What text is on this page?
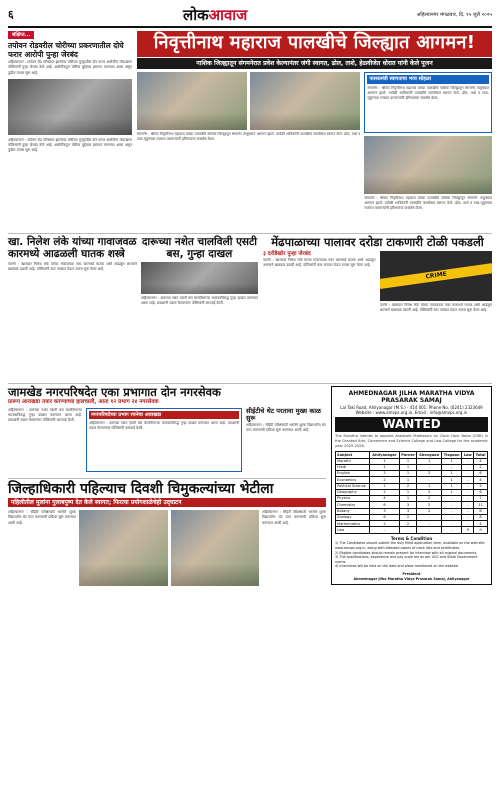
६	लोकआवाज	अहिल्यानगर मंगळवार, दि. १५ जुलै २०२५
संक्षिप्त...
तपोवन रोडवरील चोरीच्या प्रकरणातील दोघे फरार आरोपी पुन्हा जेरबंद
अहिल्यानगर : तपोवन रोड परिसरात झालेल्या चोरीच्या गुन्ह्यातील दोन फरार आरोपींना तोफखाना पोलिसांनी पुन्हा जेरबंद केले आहे. आरोपींकडून चोरीचा मुद्देमाल हस्तगत करण्यात आला असून पुढील तपास सुरू आहे.
अहिल्यानगर : तपोवन रोड परिसरात झालेल्या चोरीच्या गुन्ह्यातील दोन फरार आरोपींना तोफखाना पोलिसांनी पुन्हा जेरबंद केले आहे. आरोपींकडून चोरीचा मुद्देमाल हस्तगत करण्यात आला असून पुढील तपास सुरू आहे.
निवृत्तीनाथ महाराज पालखीचे जिल्ह्यात आगमन!
नाशिक जिल्ह्यातून संगमनेरात प्रवेश केल्यानंतर जंगी स्वागत, ढोल, ताशे, हेळ्वीजेत धोरात यांनी केले पूजन
संगमनेर : श्रीसंत निवृत्तीनाथ महाराज यांच्या पालखीचे नाशिक जिल्ह्यातून संगमनेर तालुक्यात आगमन झाले. यावेळी भाविकांनी पालखीचे जल्लोषात स्वागत केले. ढोल, ताशे व टाळ-मृदुंगाच्या गजरात वारकऱ्यांनी हरिनामाचा जयघोष केला.
पालकमंत्री स्वागताचा भव्य सोहळा
संगमनेर : श्रीसंत निवृत्तीनाथ महाराज यांच्या पालखीचे नाशिक जिल्ह्यातून संगमनेर तालुक्यात आगमन झाले. यावेळी भाविकांनी पालखीचे जल्लोषात स्वागत केले. ढोल, ताशे व टाळ-मृदुंगाच्या गजरात वारकऱ्यांनी हरिनामाचा जयघोष केला.
संगमनेर : श्रीसंत निवृत्तीनाथ महाराज यांच्या पालखीचे नाशिक जिल्ह्यातून संगमनेर तालुक्यात आगमन झाले. यावेळी भाविकांनी पालखीचे जल्लोषात स्वागत केले. ढोल, ताशे व टाळ-मृदुंगाच्या गजरात वारकऱ्यांनी हरिनामाचा जयघोष केला.
खा. निलेश लंके यांच्या गावाजवळ कारमध्ये आढळली घातक शस्त्रे
दारूच्या नशेत चालविली एसटी बस, गुन्हा दाखल
पारनेर : खासदार निलेश लंके यांच्या गावाजवळ एका कारमध्ये घातक शस्त्रे आढळून आल्याने खळबळ उडाली आहे. पोलिसांनी कार ताब्यात घेऊन तपास सुरू केला आहे.
अहिल्यानगर : दारूच्या नशेत एसटी बस चालविणाऱ्या चालकाविरुद्ध गुन्हा दाखल करण्यात आला आहे. प्रवाशांनी तक्रार केल्यानंतर पोलिसांनी कारवाई केली.
मेंढपाळाच्या पालावर दरोडा टाकणारी टोळी पकडली
३ दरोडेखोर पुन्हा जेरबंद
पारनेर : खासदार निलेश लंके यांच्या गावाजवळ एका कारमध्ये घातक शस्त्रे आढळून आल्याने खळबळ उडाली आहे. पोलिसांनी कार ताब्यात घेऊन तपास सुरू केला आहे.
CRIME
पारनेर : खासदार निलेश लंके यांच्या गावाजवळ एका कारमध्ये घातक शस्त्रे आढळून आल्याने खळबळ उडाली आहे. पोलिसांनी कार ताब्यात घेऊन तपास सुरू केला आहे.
जामखेड नगरपरिषदेत एका प्रभागात दोन नगरसेवक
प्रारूप आराखडा तयार करण्याच्या हालचाली, आता १२ प्रभाग २४ नगरसेवक
अहिल्यानगर : दारूच्या नशेत एसटी बस चालविणाऱ्या चालकाविरुद्ध गुन्हा दाखल करण्यात आला आहे. प्रवाशांनी तक्रार केल्यानंतर पोलिसांनी कारवाई केली.
नगरपरिषदेच्या प्रभाग रचनेचा आराखडा
अहिल्यानगर : दारूच्या नशेत एसटी बस चालविणाऱ्या चालकाविरुद्ध गुन्हा दाखल करण्यात आला आहे. प्रवाशांनी तक्रार केल्यानंतर पोलिसांनी कारवाई केली.
सीईटीचे थेट परतावा मुख्य काळ सुरू
अहिल्यानगर : सीईटी परीक्षेसाठी भरलेले शुल्क विद्यार्थ्यांना थेट परत करण्याची प्रक्रिया सुरू करण्यात आली आहे.
जिल्हाधिकारी पहिल्याच दिवशी चिमुकल्यांच्या भेटीला
पहिलीतील मुलांना गुलाबपुष्प देत केले स्वागत; फिरत्या प्रयोगशाळेचेही उद्‌घाटन
अहिल्यानगर : सीईटी परीक्षेसाठी भरलेले शुल्क विद्यार्थ्यांना थेट परत करण्याची प्रक्रिया सुरू करण्यात आली आहे.
अहिल्यानगर : सीईटी परीक्षेसाठी भरलेले शुल्क विद्यार्थ्यांना थेट परत करण्याची प्रक्रिया सुरू करण्यात आली आहे.
AHMEDNAGAR JILHA MARATHA VIDYA PRASARAK SAMAJ
Lal Taki Road, Ahilyanagar (M.S.) - 414 001. Phone No. (0241) 2323649
Website : www.amvps.org.in, Email : info@amvps.org.in
WANTED
The Sanstha intends to appoint Assistant Professors on Clock Hour Basis (CHB) in the Granted Arts, Commerce and Science College and Law College for the academic year 2025-2026.
Subject	Ahilyanagar	Parner	Shevgaon	Tisgaon	Law	Total
Marathi	1	1	1	1	-	4
Hindi	1	1	-	-	-	2
English	2	1	2	1	-	6
Economics	2	1	-	1	-	4
Political Science	1	2	1	1	-	5
Geography	2	1	2	1	-	6
Physics	4	1	2	-	-	7
Chemistry	6	3	2	-	-	11
Botany	3	3	2	-	-	8
Zoology	6	2	-	-	-	8
Mathematics	2	2	-	-	-	4
Law	-	-	-	-	9	9
Terms & Condition
1) The Candidates should submit the duly filled application form, available on the web site www.amvps.org.in, along with attested copies of mark lists and certificates.
2) Eligible candidates should remain present for interview with all original documents.
3) The qualifications, experience and pay scale are as per UGC and State Government norms.
4) Interviews will be held on the date and place mentioned on the website.
President
Ahmednagar Jilha Maratha Vidya Prasarak Samaj, Ahilyanagar
